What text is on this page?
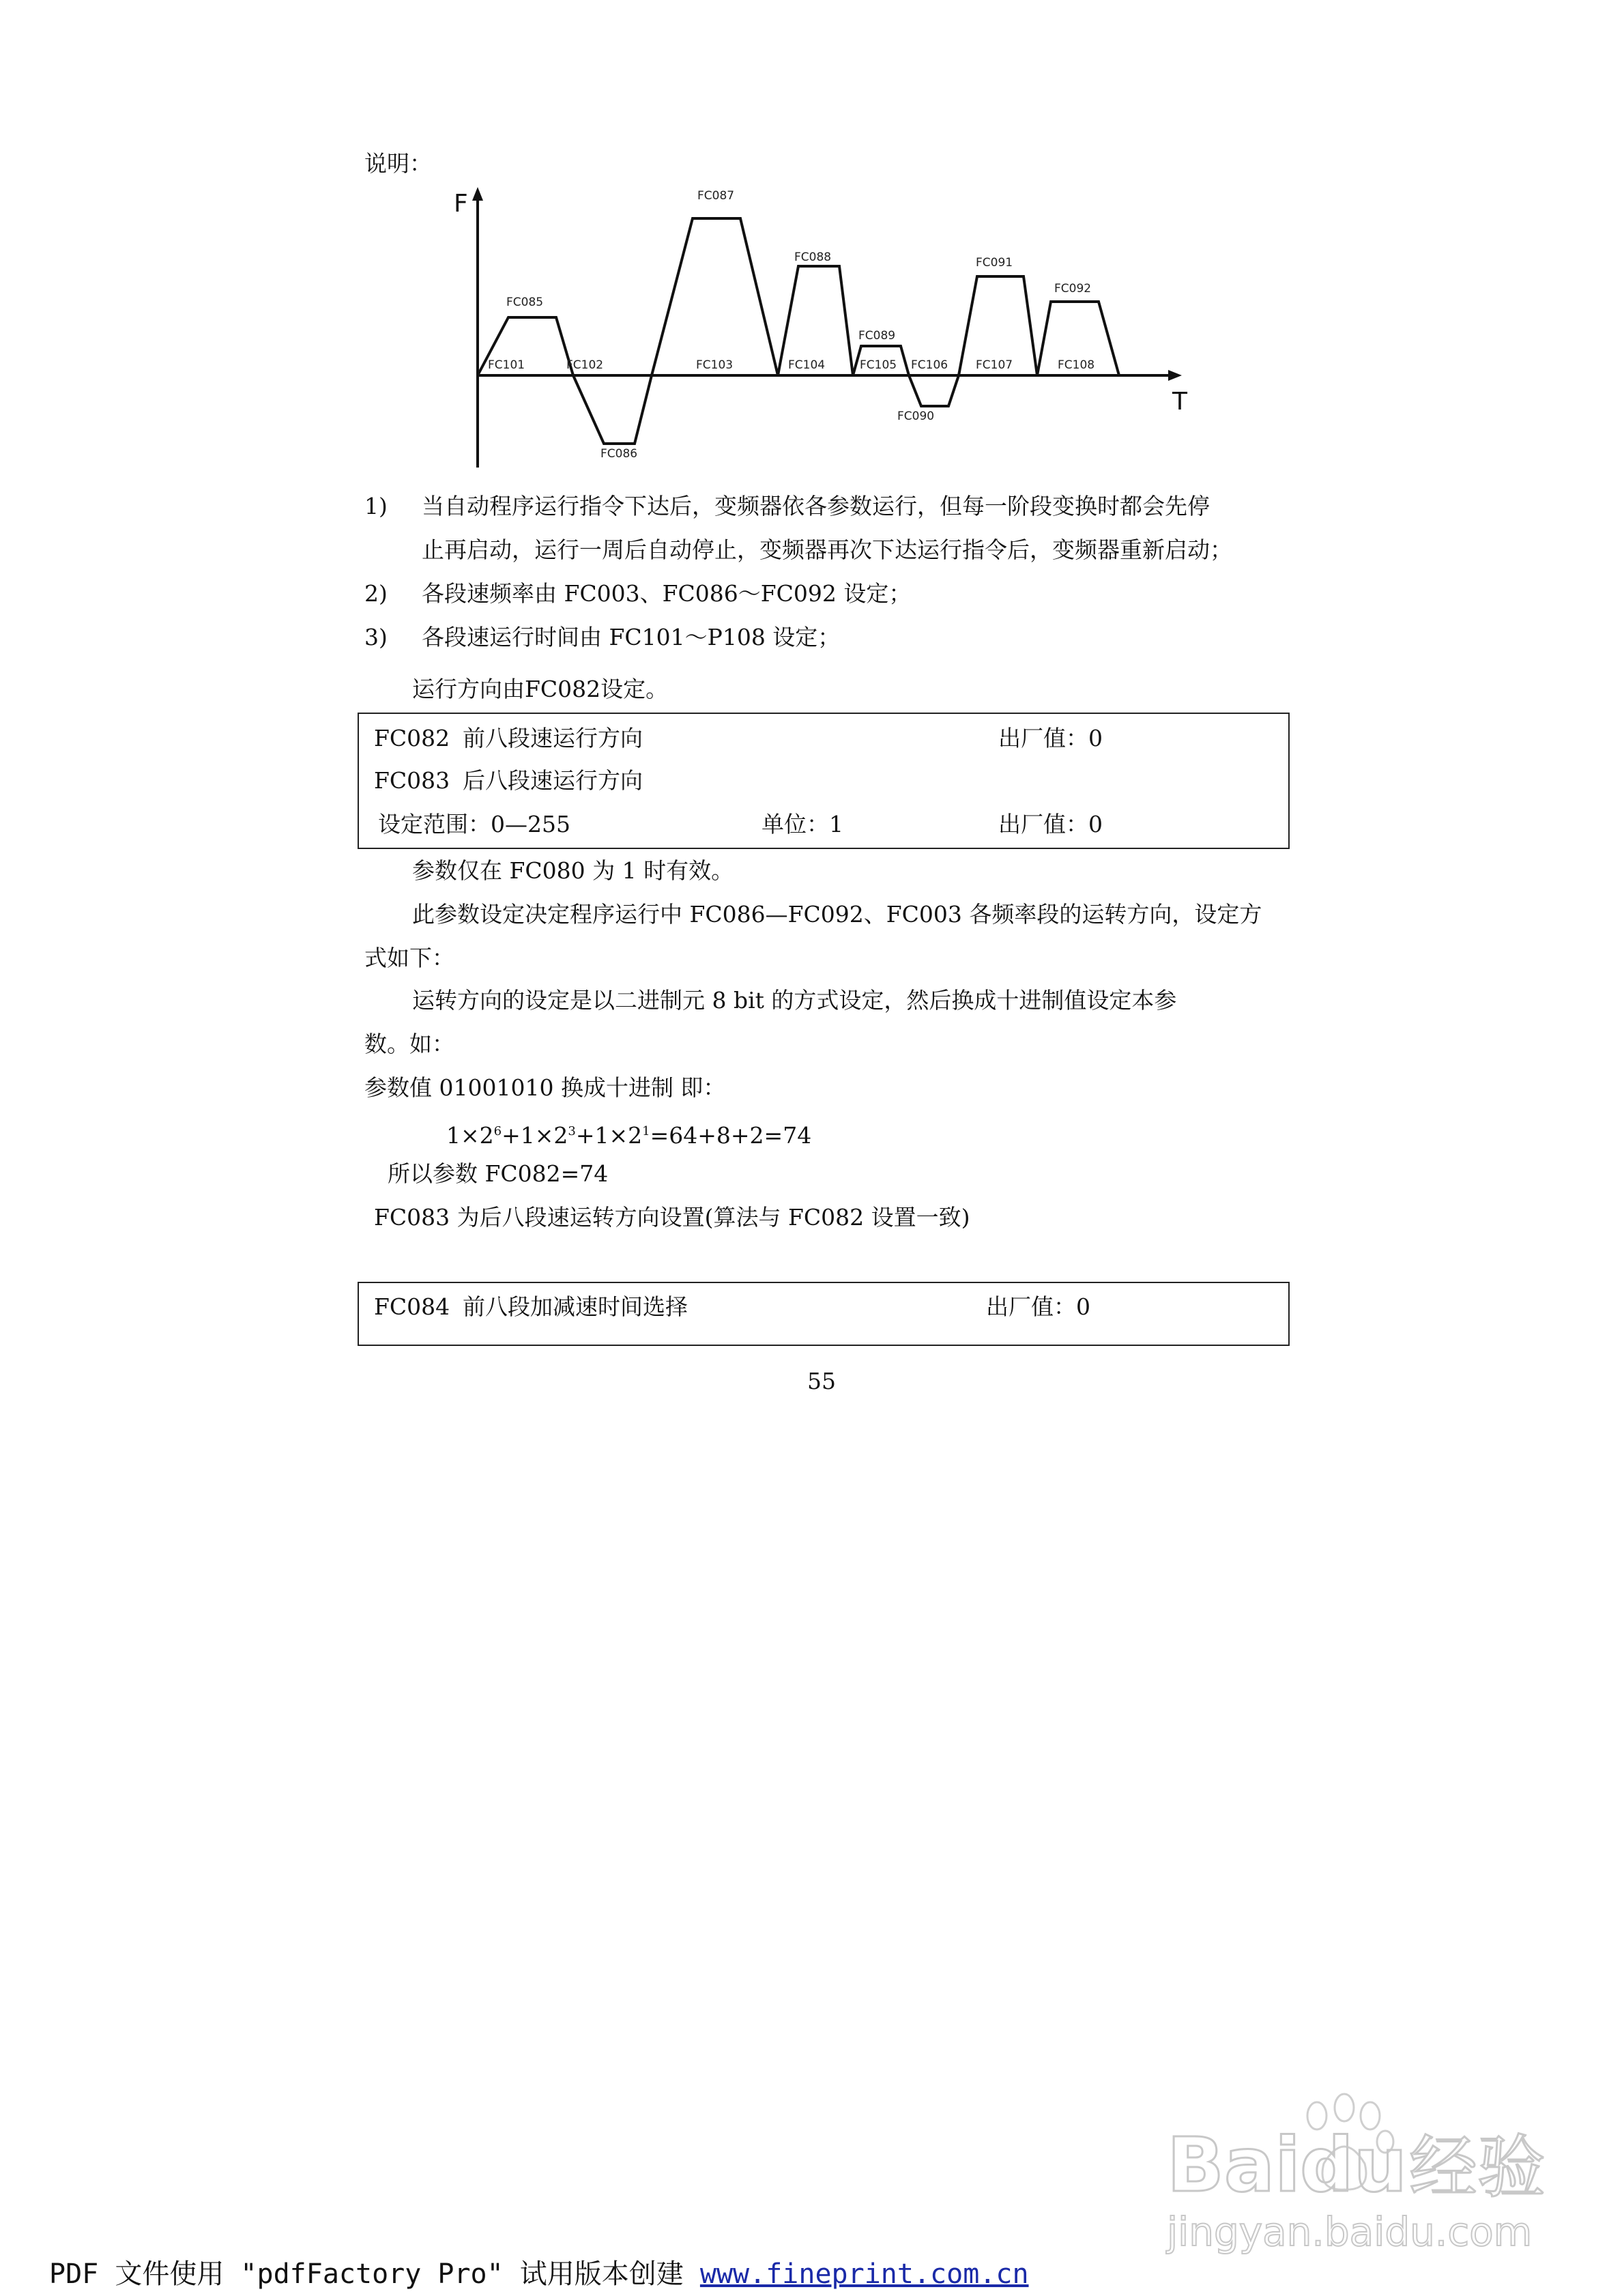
说明：
F
T
FC085
FC087
FC088
FC089
FC091
FC092
FC086
FC090
FC101	FC102	FC103	FC104	FC105 FC106 FC107	FC108
1) 当自动程序运行指令下达后，变频器依各参数运行，但每一阶段变换时都会先停
止再启动，运行一周后自动停止，变频器再次下达运行指令后，变频器重新启动；
2) 各段速频率由 FC003、FC086～FC092 设定；
3) 各段速运行时间由 FC101～P108 设定；
运行方向由FC082设定。
FC082 前八段速运行方向	出厂值：0
FC083 后八段速运行方向
设定范围：0—255	单位：1	出厂值：0
参数仅在 FC080 为 1 时有效。
此参数设定决定程序运行中 FC086—FC092、FC003 各频率段的运转方向，设定方
式如下：
运转方向的设定是以二进制元 8 bit 的方式设定，然后换成十进制值设定本参
数。如：
参数值 01001010 换成十进制 即：
$1\times 2^6+1\times 2^3+1\times 2^1=64+8+2=74$
所以参数 FC082=74
FC083 为后八段速运转方向设置(算法与 FC082 设置一致)
FC084 前八段加减速时间选择	出厂值：0
55
Bai du 经验
jingyan.baidu.com
PDF 文件使用 "pdfFactory Pro" 试用版本创建 www.fineprint.com.cn
